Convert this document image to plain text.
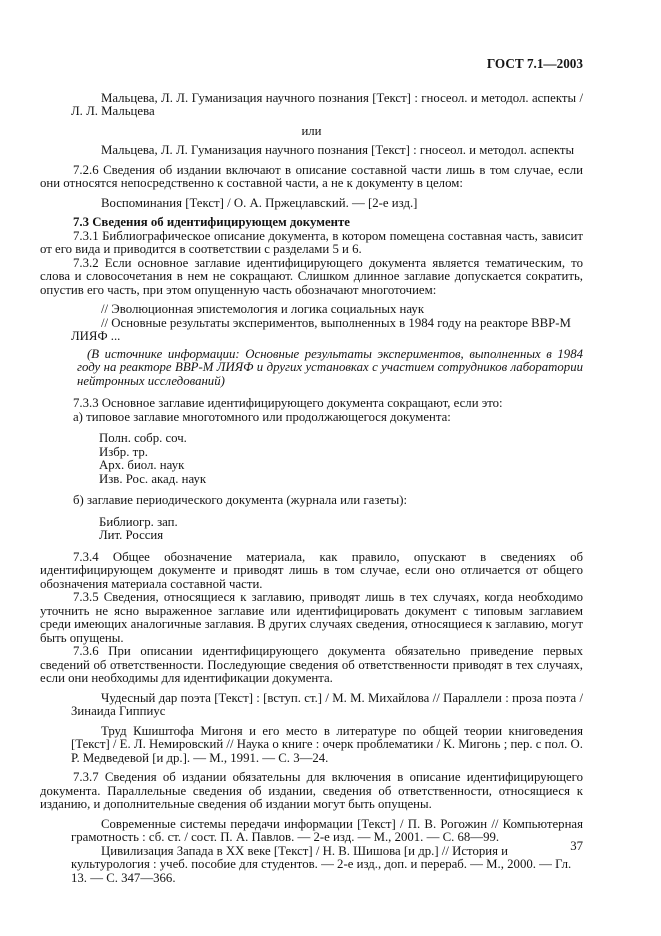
ГОСТ 7.1—2003
Мальцева, Л. Л. Гуманизация научного познания [Текст] : гносеол. и методол. аспекты / Л. Л. Мальцева
или
Мальцева, Л. Л. Гуманизация научного познания [Текст] : гносеол. и методол. аспекты

7.2.6 Сведения об издании включают в описание составной части лишь в том случае, если они относятся непосредственно к составной части, а не к документу в целом:

Воспоминания [Текст] / О. А. Пржецлавский. — [2-е изд.]
7.3 Сведения об идентифицирующем документе

7.3.1 Библиографическое описание документа, в котором помещена составная часть, зависит от его вида и приводится в соответствии с разделами 5 и 6.

7.3.2 Если основное заглавие идентифицирующего документа является тематическим, то слова и словосочетания в нем не сокращают. Слишком длинное заглавие допускается сократить, опустив его часть, при этом опущенную часть обозначают многоточием:

// Эволюционная эпистемология и логика социальных наук
// Основные результаты экспериментов, выполненных в 1984 году на реакторе ВВР-М ЛИЯФ ...
(В источнике информации: Основные результаты экспериментов, выполненных в 1984 году на реакторе ВВР-М ЛИЯФ и других установках с участием сотрудников лаборатории нейтронных исследований)

7.3.3 Основное заглавие идентифицирующего документа сокращают, если это:

а) типовое заглавие многотомного или продолжающегося документа:

Полн. собр. соч.
Избр. тр.
Арх. биол. наук
Изв. Рос. акад. наук

б) заглавие периодического документа (журнала или газеты):

Библиогр. зап.
Лит. Россия

7.3.4 Общее обозначение материала, как правило, опускают в сведениях об идентифицирующем документе и приводят лишь в том случае, если оно отличается от общего обозначения материала составной части.

7.3.5 Сведения, относящиеся к заглавию, приводят лишь в тех случаях, когда необходимо уточнить не ясно выраженное заглавие или идентифицировать документ с типовым заглавием среди имеющих аналогичные заглавия. В других случаях сведения, относящиеся к заглавию, могут быть опущены.

7.3.6 При описании идентифицирующего документа обязательно приведение первых сведений об ответственности. Последующие сведения об ответственности приводят в тех случаях, если они необходимы для идентификации документа.

Чудесный дар поэта [Текст] : [вступ. ст.] / М. М. Михайлова // Параллели : проза поэта / Зинаида Гиппиус
Труд Кшиштофа Мигоня и его место в литературе по общей теории книговедения [Текст] / Е. Л. Немировский // Наука о книге : очерк проблематики / К. Мигонь ; пер. с пол. О. Р. Медведевой [и др.]. — М., 1991. — С. 3—24.

7.3.7 Сведения об издании обязательны для включения в описание идентифицирующего документа. Параллельные сведения об издании, сведения об ответственности, относящиеся к изданию, и дополнительные сведения об издании могут быть опущены.

Современные системы передачи информации [Текст] / П. В. Рогожин // Компьютерная грамотность : сб. ст. / сост. П. А. Павлов. — 2-е изд. — М., 2001. — С. 68—99.
Цивилизация Запада в XX веке [Текст] / Н. В. Шишова [и др.] // История и культурология : учеб. пособие для студентов. — 2-е изд., доп. и перераб. — М., 2000. — Гл. 13. — С. 347—366.
37
